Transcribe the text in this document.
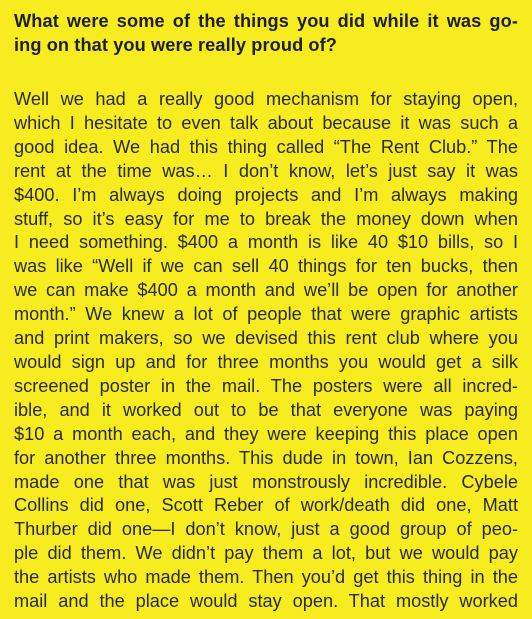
What were some of the things you did while it was go-
ing on that you were really proud of?
Well we had a really good mechanism for staying open,
which I hesitate to even talk about because it was such a
good idea. We had this thing called “The Rent Club.” The
rent at the time was… I don’t know, let’s just say it was
$400. I’m always doing projects and I’m always making
stuff, so it’s easy for me to break the money down when
I need something. $400 a month is like 40 $10 bills, so I
was like “Well if we can sell 40 things for ten bucks, then
we can make $400 a month and we’ll be open for another
month.” We knew a lot of people that were graphic artists
and print makers, so we devised this rent club where you
would sign up and for three months you would get a silk
screened poster in the mail. The posters were all incred-
ible, and it worked out to be that everyone was paying
$10 a month each, and they were keeping this place open
for another three months. This dude in town, Ian Cozzens,
made one that was just monstrously incredible. Cybele
Collins did one, Scott Reber of work/death did one, Matt
Thurber did one—I don’t know, just a good group of peo-
ple did them. We didn’t pay them a lot, but we would pay
the artists who made them. Then you’d get this thing in the
mail and the place would stay open. That mostly worked
